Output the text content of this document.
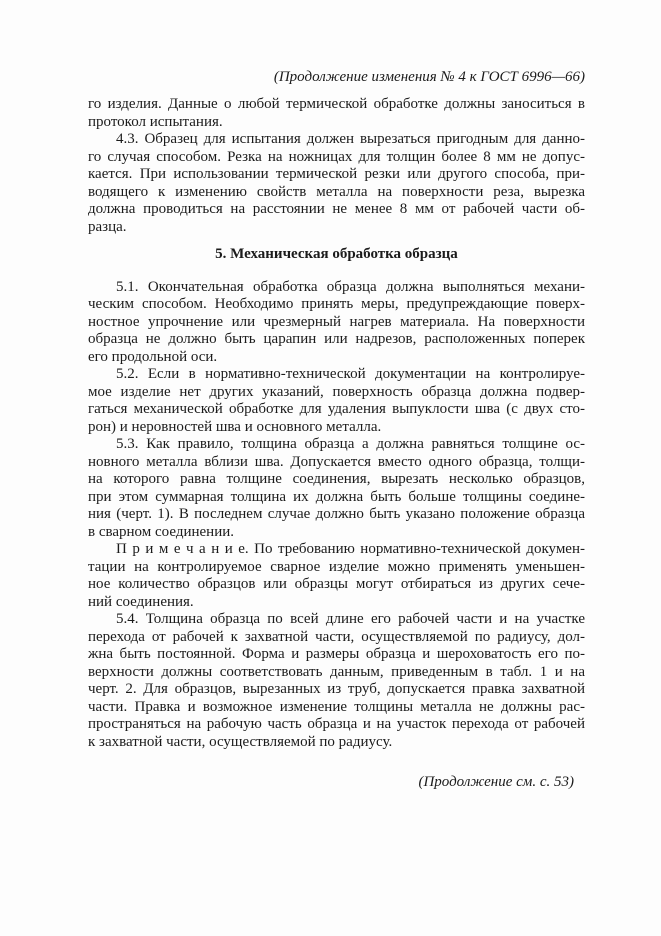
(Продолжение изменения № 4 к ГОСТ 6996—66)
го изделия. Данные о любой термической обработке должны заноситься в
протокол испытания.
4.3. Образец для испытания должен вырезаться пригодным для данно-
го случая способом. Резка на ножницах для толщин более 8 мм не допус-
кается. При использовании термической резки или другого способа, при-
водящего к изменению свойств металла на поверхности реза, вырезка
должна проводиться на расстоянии не менее 8 мм от рабочей части об-
разца.
5. Механическая обработка образца
5.1. Окончательная обработка образца должна выполняться механи-
ческим способом. Необходимо принять меры, предупреждающие поверх-
ностное упрочнение или чрезмерный нагрев материала. На поверхности
образца не должно быть царапин или надрезов, расположенных поперек
его продольной оси.
5.2. Если в нормативно-технической документации на контролируе-
мое изделие нет других указаний, поверхность образца должна подвер-
гаться механической обработке для удаления выпуклости шва (с двух сто-
рон) и неровностей шва и основного металла.
5.3. Как правило, толщина образца а должна равняться толщине ос-
новного металла вблизи шва. Допускается вместо одного образца, толщи-
на которого равна толщине соединения, вырезать несколько образцов,
при этом суммарная толщина их должна быть больше толщины соедине-
ния (черт. 1). В последнем случае должно быть указано положение образца
в сварном соединении.
П р и м е ч а н и е. По требованию нормативно-технической докумен-
тации на контролируемое сварное изделие можно применять уменьшен-
ное количество образцов или образцы могут отбираться из других сече-
ний соединения.
5.4. Толщина образца по всей длине его рабочей части и на участке
перехода от рабочей к захватной части, осуществляемой по радиусу, дол-
жна быть постоянной. Форма и размеры образца и шероховатость его по-
верхности должны соответствовать данным, приведенным в табл. 1 и на
черт. 2. Для образцов, вырезанных из труб, допускается правка захватной
части. Правка и возможное изменение толщины металла не должны рас-
пространяться на рабочую часть образца и на участок перехода от рабочей
к захватной части, осуществляемой по радиусу.
(Продолжение см. с. 53)
